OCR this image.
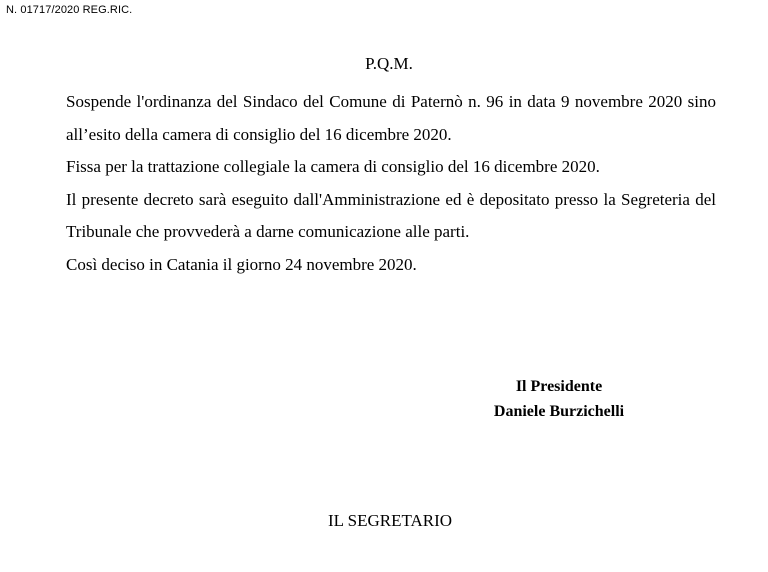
N. 01717/2020 REG.RIC.
P.Q.M.

Sospende l'ordinanza del Sindaco del Comune di Paternò n. 96 in data 9 novembre 2020 sino all’esito della camera di consiglio del 16 dicembre 2020.

Fissa per la trattazione collegiale la camera di consiglio del 16 dicembre 2020.

Il presente decreto sarà eseguito dall'Amministrazione ed è depositato presso la Segreteria del Tribunale che provvederà a darne comunicazione alle parti.

Così deciso in Catania il giorno 24 novembre 2020.

Il Presidente
Daniele Burzichelli
IL SEGRETARIO
